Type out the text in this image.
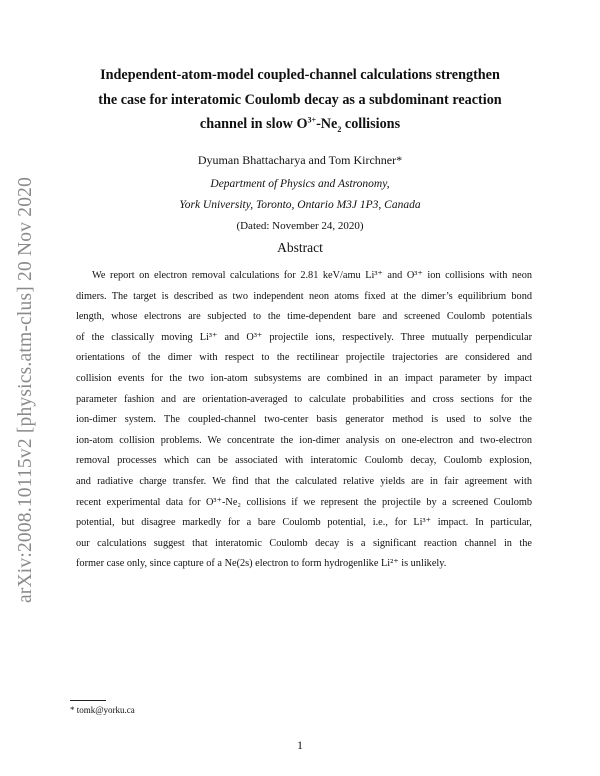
arXiv:2008.10115v2 [physics.atm-clus] 20 Nov 2020
Independent-atom-model coupled-channel calculations strengthen
the case for interatomic Coulomb decay as a subdominant reaction
channel in slow $O^{3+}-Ne_2$ collisions
Dyuman Bhattacharya and Tom Kirchner*
Department of Physics and Astronomy,
York University, Toronto, Ontario M3J 1P3, Canada
(Dated: November 24, 2020)
Abstract
We report on electron removal calculations for 2.81 keV/amu Li³⁺ and O³⁺ ion collisions with neon
dimers. The target is described as two independent neon atoms fixed at the dimer’s equilibrium bond
length, whose electrons are subjected to the time-dependent bare and screened Coulomb potentials
of the classically moving Li³⁺ and O³⁺ projectile ions, respectively. Three mutually perpendicular
orientations of the dimer with respect to the rectilinear projectile trajectories are considered and
collision events for the two ion-atom subsystems are combined in an impact parameter by impact
parameter fashion and are orientation-averaged to calculate probabilities and cross sections for the
ion-dimer system. The coupled-channel two-center basis generator method is used to solve the
ion-atom collision problems. We concentrate the ion-dimer analysis on one-electron and two-electron
removal processes which can be associated with interatomic Coulomb decay, Coulomb explosion,
and radiative charge transfer. We find that the calculated relative yields are in fair agreement with
recent experimental data for O³⁺-Ne₂ collisions if we represent the projectile by a screened Coulomb
potential, but disagree markedly for a bare Coulomb potential, i.e., for Li³⁺ impact. In particular,
our calculations suggest that interatomic Coulomb decay is a significant reaction channel in the
former case only, since capture of a Ne(2s) electron to form hydrogenlike Li²⁺ is unlikely.
* tomk@yorku.ca
1
